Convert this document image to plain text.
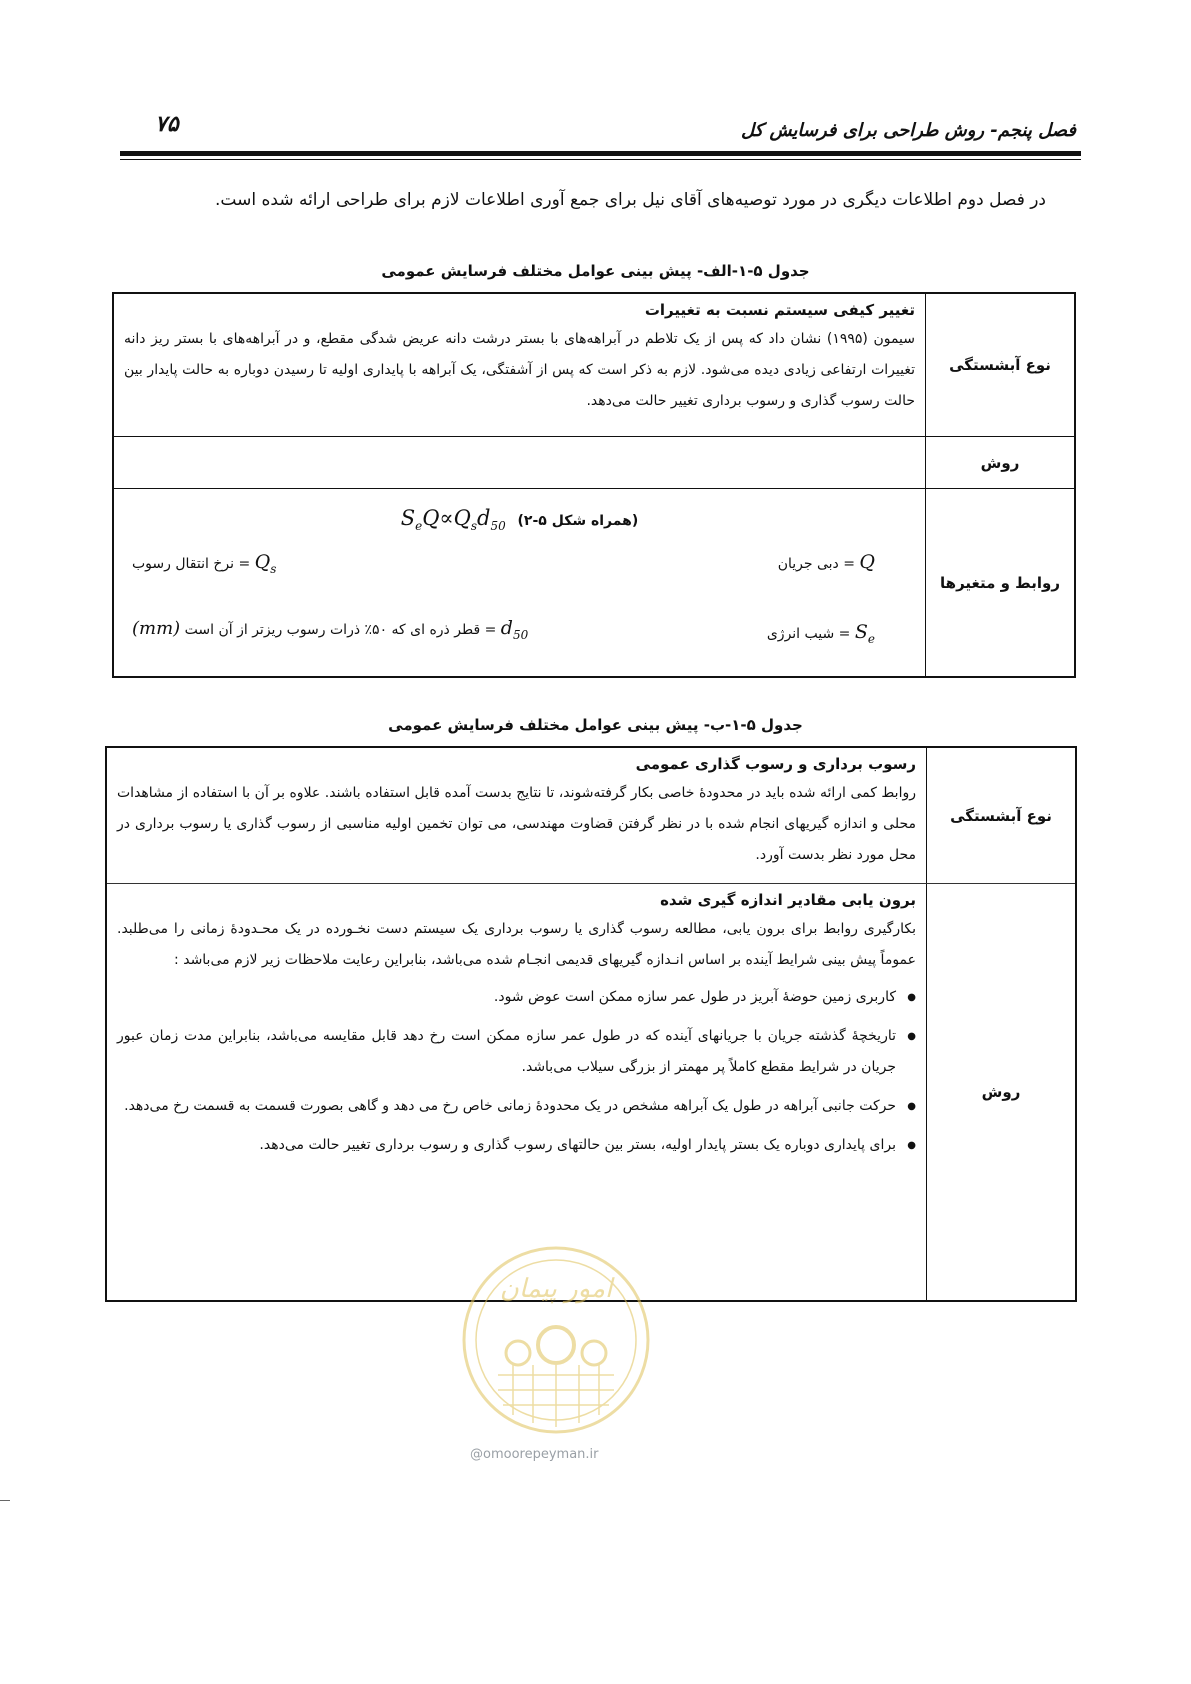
۷۵	فصل پنجم- روش طراحی برای فرسایش کل
در فصل دوم اطلاعات دیگری در مورد توصیه‌های آقای نیل برای جمع آوری اطلاعات لازم برای طراحی ارائه شده است.
جدول ۵-۱-الف- پیش بینی عوامل مختلف فرسایش عمومی
نوع آبشستگی
تغییر کیفی سیستم نسبت به تغییرات
سیمون (۱۹۹۵) نشان داد که پس از یک تلاطم در آبراهه‌های با بستر درشت دانه عریض شدگی مقطع، و در آبراهه‌های با بستر ریز دانه تغییرات ارتفاعی زیادی دیده می‌شود. لازم به ذکر است که پس از آشفتگی، یک آبراهه با پایداری اولیه تا رسیدن دوباره به حالت پایدار بین حالت رسوب گذاری و رسوب برداری تغییر حالت می‌دهد.
روش
روابط و متغیرها
$S_eQ\propto Q_sd_{50}$ (همراه شکل ۵-۲)
Q = دبی جریان
$Q_s$ = نرخ انتقال رسوب
$S_e$ = شیب انرژی
$d_{50}$ = قطر ذره ای که ۵۰٪ ذرات رسوب ریزتر از آن است (mm)
جدول ۵-۱-ب- پیش بینی عوامل مختلف فرسایش عمومی
نوع آبشستگی
رسوب برداری و رسوب گذاری عمومی
روابط کمی ارائه شده باید در محدودهٔ خاصی بکار گرفته‌شوند، تا نتایج بدست آمده قابل استفاده باشند. علاوه بر آن با استفاده از مشاهدات محلی و اندازه گیریهای انجام شده با در نظر گرفتن قضاوت مهندسی، می توان تخمین اولیه مناسبی از رسوب گذاری یا رسوب برداری در محل مورد نظر بدست آورد.
روش
برون یابی مقادیر اندازه گیری شده
بکارگیری روابط برای برون یابی، مطالعه رسوب گذاری یا رسوب برداری یک سیستم دست نخـورده در یک محـدودهٔ زمانی را می‌طلبد. عموماً پیش بینی شرایط آینده بر اساس انـدازه گیریهای قدیمی انجـام شده می‌باشد، بنابراین رعایت ملاحظات زیر لازم می‌باشد :
● کاربری زمین حوضهٔ آبریز در طول عمر سازه ممکن است عوض شود.
● تاریخچهٔ گذشته جریان با جریانهای آینده که در طول عمر سازه ممکن است رخ دهد قابل مقایسه می‌باشد، بنابراین مدت زمان عبور جریان در شرایط مقطع کاملاً پر مهمتر از بزرگی سیلاب می‌باشد.
● حرکت جانبی آبراهه در طول یک آبراهه مشخص در یک محدودهٔ زمانی خاص رخ می دهد و گاهی بصورت قسمت به قسمت رخ می‌دهد.
● برای پایداری دوباره یک بستر پایدار اولیه، بستر بین حالتهای رسوب گذاری و رسوب برداری تغییر حالت می‌دهد.
امور پیمان
@omoorepeyman.ir
